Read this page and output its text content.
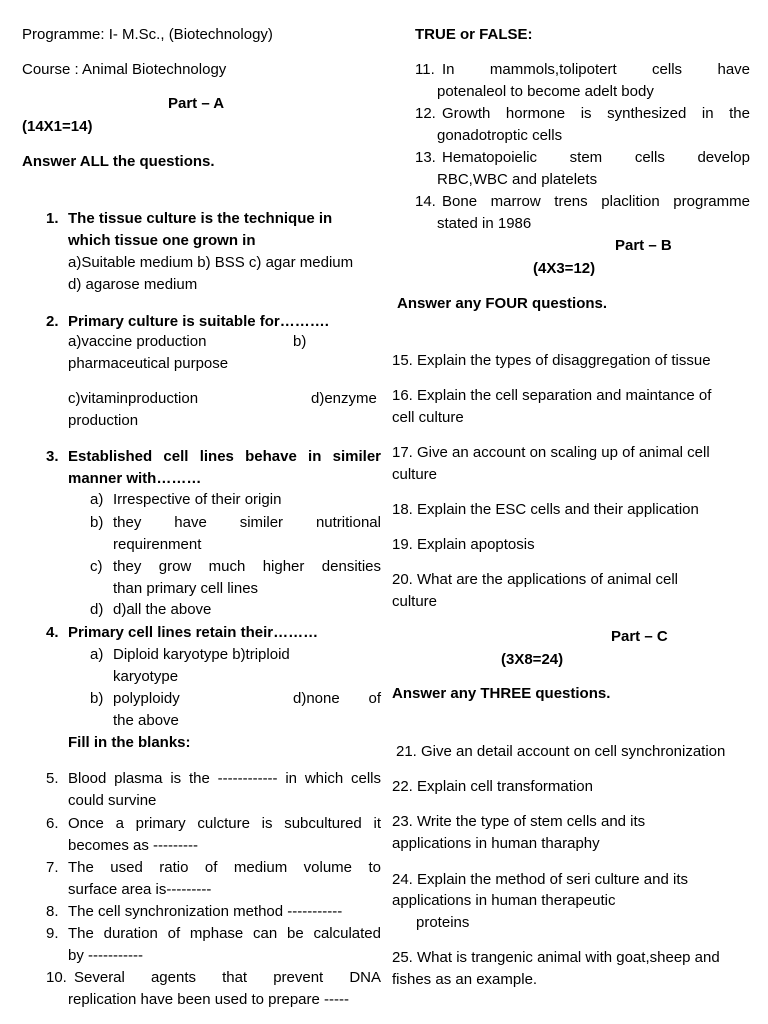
Programme: I- M.Sc., (Biotechnology)
Course : Animal Biotechnology
Part – A
(14X1=14)
Answer ALL the questions.
1. The tissue culture is the technique in
which tissue one grown in
a)Suitable medium b) BSS c) agar medium
d) agarose medium
2. Primary culture is suitable for……….
a)vaccine production	b)
pharmaceutical purpose
c)vitaminproduction	d)enzyme
production
3. Established cell lines behave in similer
manner with………
a) Irrespective of their origin
b) they have similer nutritional
requirenment
c) they grow much higher densities
than primary cell lines
d) d)all the above
4. Primary cell lines retain their………
a) Diploid karyotype b)triploid
karyotype
b) polyploidy	d)none of
the above
Fill in the blanks:
5. Blood plasma is the ------------ in which cells
could survine
6. Once a primary culcture is subcultured it
becomes as ---------
7. The used ratio of medium volume to
surface area is---------
8. The cell synchronization method -----------
9. The duration of mphase can be calculated
by -----------
10. Several agents that prevent DNA
replication have been used to prepare -----
TRUE or FALSE:
11. In mammols,tolipotert cells have
potenaleol to become adelt body
12. Growth hormone is synthesized in the
gonadotroptic cells
13. Hematopoielic stem cells develop
RBC,WBC and platelets
14. Bone marrow trens placlition programme
stated in 1986
Part – B
(4X3=12)
Answer any FOUR questions.
15. Explain the types of disaggregation of tissue
16. Explain the cell separation and maintance of
cell culture
17. Give an account on scaling up of animal cell
culture
18. Explain the ESC cells and their application
19. Explain apoptosis
20. What are the applications of animal cell
culture
Part – C
(3X8=24)
Answer any THREE questions.
21. Give an detail account on cell synchronization
22. Explain cell transformation
23. Write the type of stem cells and its
applications in human tharaphy
24. Explain the method of seri culture and its
applications in human therapeutic
proteins
25. What is trangenic animal with goat,sheep and
fishes as an example.
